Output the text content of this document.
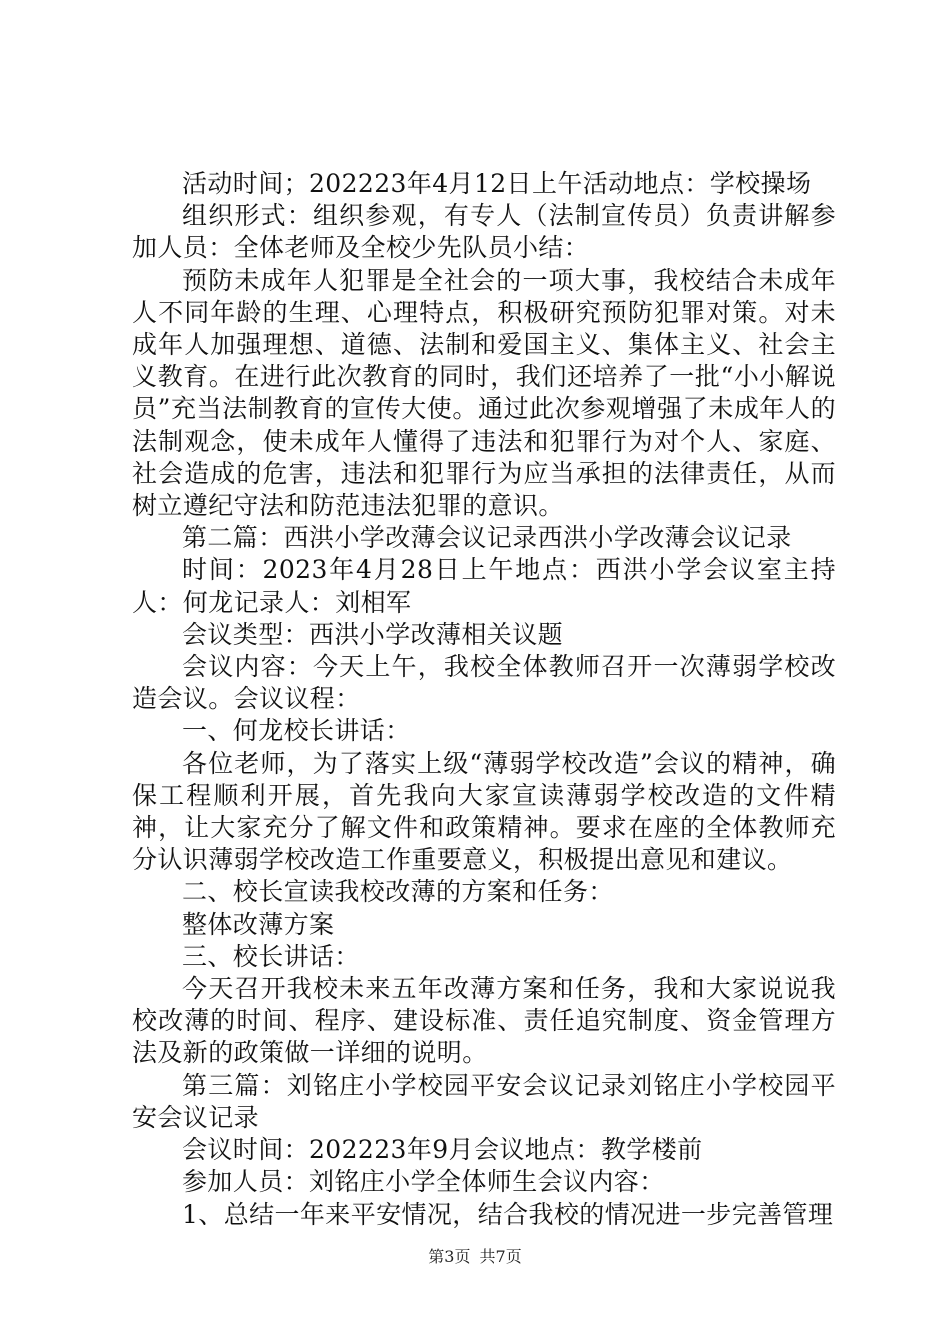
活动时间；202223年4月12日上午活动地点：学校操场

组织形式：组织参观，有专人（法制宣传员）负责讲解参加人员：全体老师及全校少先队员小结：

预防未成年人犯罪是全社会的一项大事，我校结合未成年人不同年龄的生理、心理特点，积极研究预防犯罪对策。对未成年人加强理想、道德、法制和爱国主义、集体主义、社会主义教育。在进行此次教育的同时，我们还培养了一批“小小解说员”充当法制教育的宣传大使。通过此次参观增强了未成年人的法制观念，使未成年人懂得了违法和犯罪行为对个人、家庭、社会造成的危害，违法和犯罪行为应当承担的法律责任，从而树立遵纪守法和防范违法犯罪的意识。

第二篇：西洪小学改薄会议记录西洪小学改薄会议记录

时间：2023年4月28日上午地点：西洪小学会议室主持人：何龙记录人：刘相军

会议类型：西洪小学改薄相关议题

会议内容：今天上午，我校全体教师召开一次薄弱学校改造会议。会议议程：

一、何龙校长讲话：

各位老师，为了落实上级“薄弱学校改造”会议的精神，确保工程顺利开展，首先我向大家宣读薄弱学校改造的文件精神，让大家充分了解文件和政策精神。要求在座的全体教师充分认识薄弱学校改造工作重要意义，积极提出意见和建议。

二、校长宣读我校改薄的方案和任务：

整体改薄方案

三、校长讲话：

今天召开我校未来五年改薄方案和任务，我和大家说说我校改薄的时间、程序、建设标准、责任追究制度、资金管理方法及新的政策做一详细的说明。

第三篇：刘铭庄小学校园平安会议记录刘铭庄小学校园平安会议记录

会议时间：202223年9月会议地点：教学楼前

参加人员：刘铭庄小学全体师生会议内容：

1、总结一年来平安情况，结合我校的情况进一步完善管理

第3页 共7页
